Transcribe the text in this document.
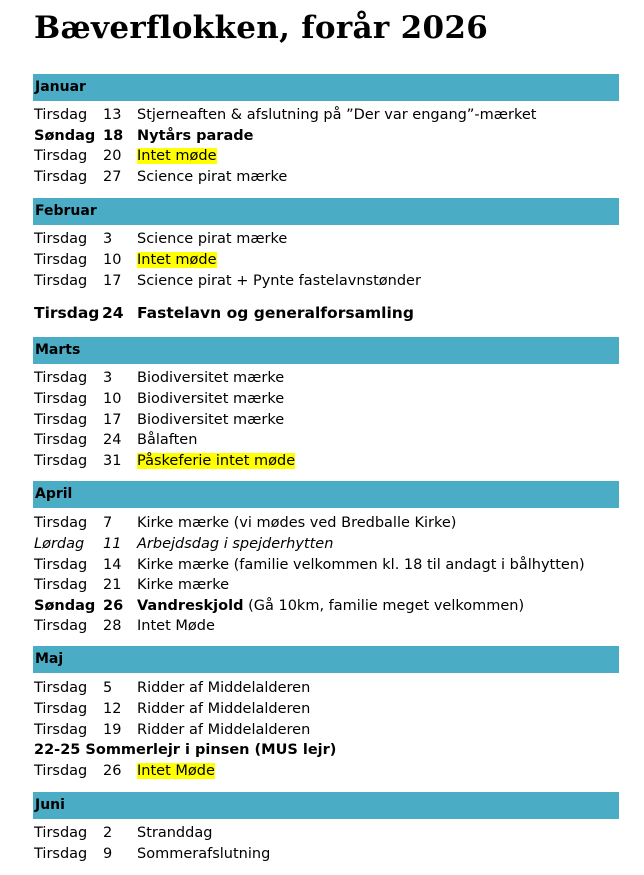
Bæverflokken, forår 2026
Januar
Tirsdag 13 Stjerneaften & afslutning på ”Der var engang”-mærket
Søndag 18 Nytårs parade
Tirsdag 20 Intet møde
Tirsdag 27 Science pirat mærke
Februar
Tirsdag 3 Science pirat mærke
Tirsdag 10 Intet møde
Tirsdag 17 Science pirat + Pynte fastelavnstønder
Tirsdag 24 Fastelavn og generalforsamling
Marts
Tirsdag 3 Biodiversitet mærke
Tirsdag 10 Biodiversitet mærke
Tirsdag 17 Biodiversitet mærke
Tirsdag 24 Bålaften
Tirsdag 31 Påskeferie intet møde
April
Tirsdag 7 Kirke mærke (vi mødes ved Bredballe Kirke)
Lørdag 11 Arbejdsdag i spejderhytten
Tirsdag 14 Kirke mærke (familie velkommen kl. 18 til andagt i bålhytten)
Tirsdag 21 Kirke mærke
Søndag 26 Vandreskjold (Gå 10km, familie meget velkommen)
Tirsdag 28 Intet Møde
Maj
Tirsdag 5 Ridder af Middelalderen
Tirsdag 12 Ridder af Middelalderen
Tirsdag 19 Ridder af Middelalderen
22-25 Sommerlejr i pinsen (MUS lejr)
Tirsdag 26 Intet Møde
Juni
Tirsdag 2 Stranddag
Tirsdag 9 Sommerafslutning
